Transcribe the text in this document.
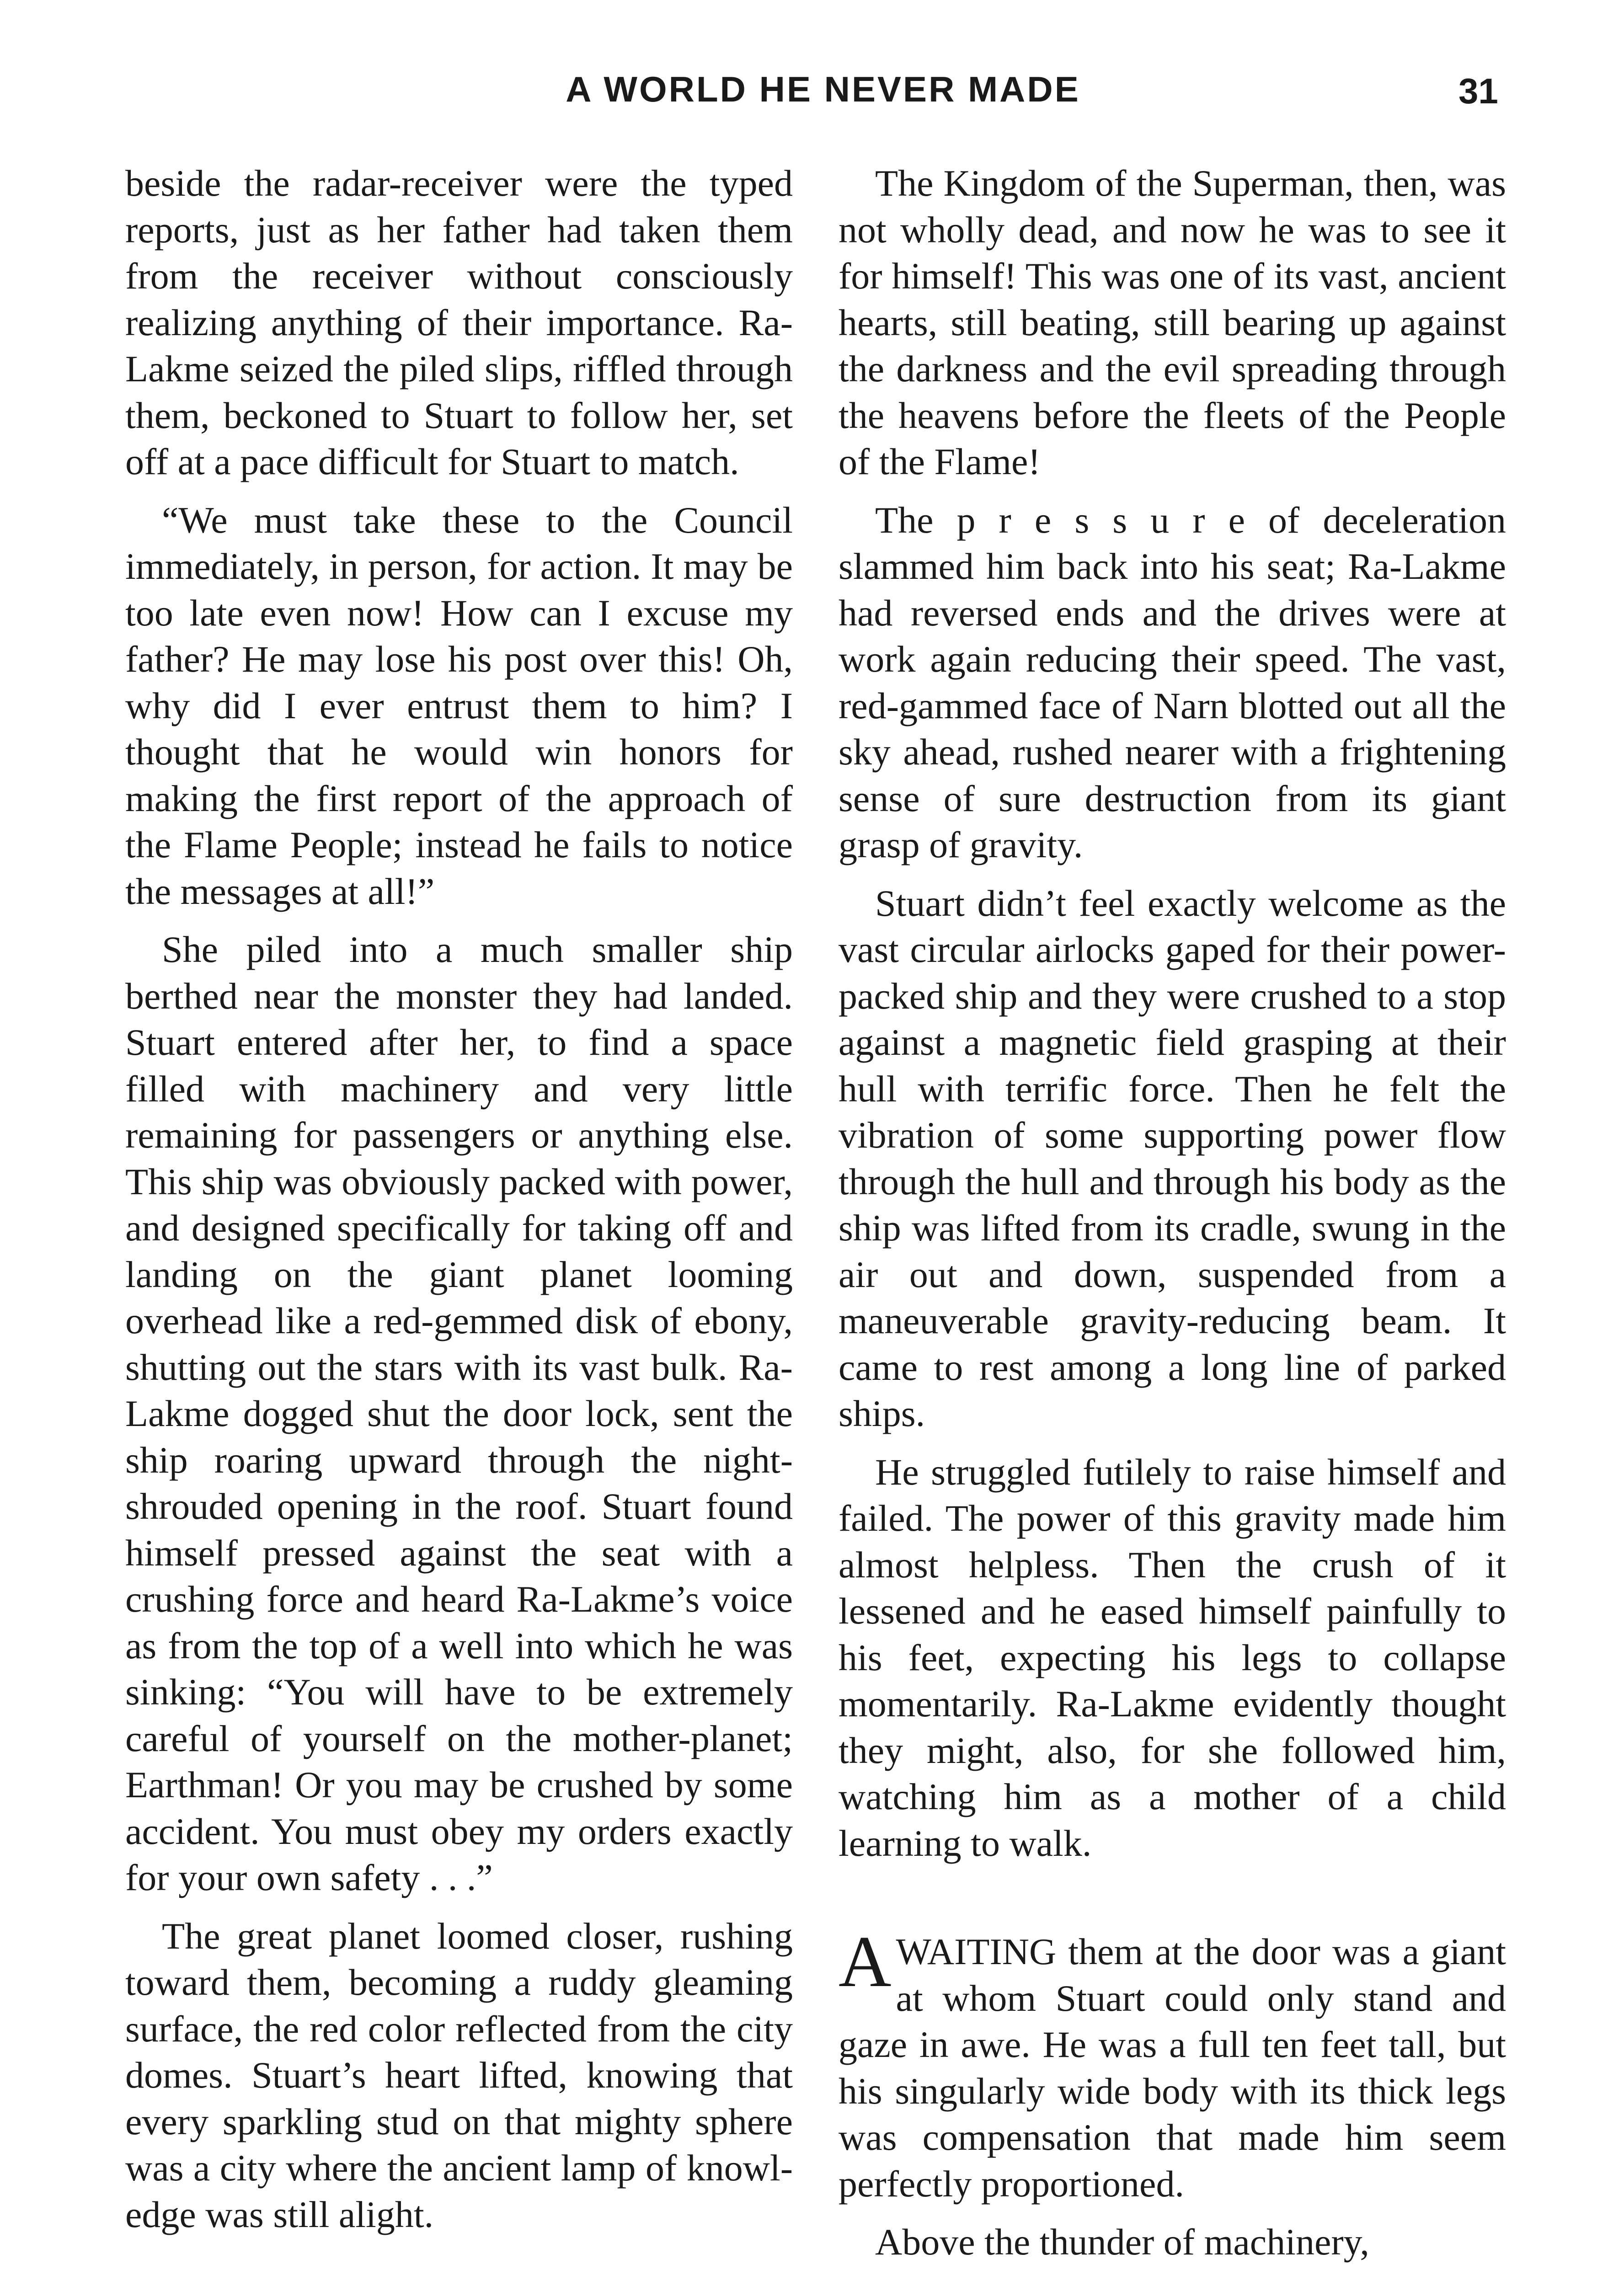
A WORLD HE NEVER MADE	31

beside the radar-receiver were the typed reports, just as her father had taken them from the receiver without consciously realizing anything of their importance. Ra-Lakme seized the piled slips, riffled through them, beckoned to Stuart to follow her, set off at a pace difficult for Stuart to match.

“We must take these to the Council immediately, in person, for action. It may be too late even now! How can I excuse my father? He may lose his post over this! Oh, why did I ever entrust them to him? I thought that he would win honors for making the first report of the approach of the Flame People; instead he fails to notice the messages at all!”

She piled into a much smaller ship berthed near the monster they had landed. Stuart entered after her, to find a space filled with machinery and very little remaining for passengers or anything else. This ship was obviously packed with power, and designed specifically for taking off and landing on the giant planet looming overhead like a red-gemmed disk of ebony, shutting out the stars with its vast bulk. Ra-Lakme dogged shut the door lock, sent the ship roaring upward through the night-shrouded opening in the roof. Stuart found himself pressed against the seat with a crushing force and heard Ra-Lakme’s voice as from the top of a well into which he was sinking: “You will have to be extremely careful of yourself on the mother-planet; Earthman! Or you may be crushed by some accident. You must obey my orders exactly for your own safety . . .”

The great planet loomed closer, rushing toward them, becoming a ruddy gleaming surface, the red color reflected from the city domes. Stuart’s heart lifted, knowing that every sparkling stud on that mighty sphere was a city where the ancient lamp of knowledge was still alight.

The Kingdom of the Superman, then, was not wholly dead, and now he was to see it for himself! This was one of its vast, ancient hearts, still beating, still bearing up against the darkness and the evil spreading through the heavens before the fleets of the People of the Flame!

The p r e s s u r e of deceleration slammed him back into his seat; Ra-Lakme had reversed ends and the drives were at work again reducing their speed. The vast, red-gammed face of Narn blotted out all the sky ahead, rushed nearer with a frightening sense of sure destruction from its giant grasp of gravity.

Stuart didn’t feel exactly welcome as the vast circular airlocks gaped for their power-packed ship and they were crushed to a stop against a magnetic field grasping at their hull with terrific force. Then he felt the vibration of some supporting power flow through the hull and through his body as the ship was lifted from its cradle, swung in the air out and down, suspended from a maneuverable gravity-reducing beam. It came to rest among a long line of parked ships.

He struggled futilely to raise himself and failed. The power of this gravity made him almost helpless. Then the crush of it lessened and he eased himself painfully to his feet, expecting his legs to collapse momentarily. Ra-Lakme evidently thought they might, also, for she followed him, watching him as a mother of a child learning to walk.

AWAITING them at the door was a giant at whom Stuart could only stand and gaze in awe. He was a full ten feet tall, but his singularly wide body with its thick legs was compensation that made him seem perfectly proportioned.

Above the thunder of machinery,
